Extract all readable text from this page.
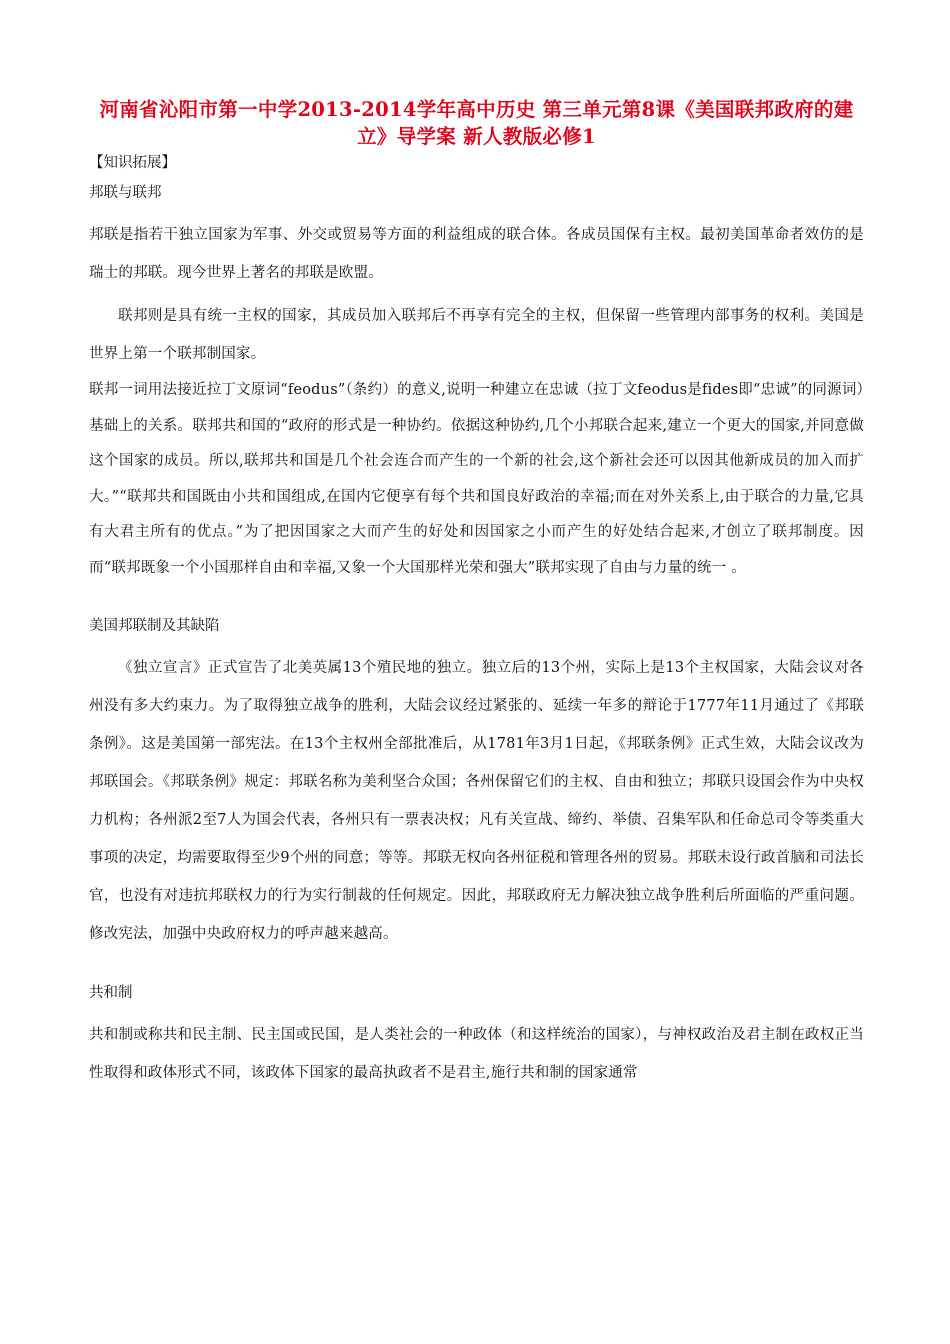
河南省沁阳市第一中学2013-2014学年高中历史 第三单元第8课《美国联邦政府的建立》导学案 新人教版必修1
【知识拓展】
邦联与联邦

邦联是指若干独立国家为军事、外交或贸易等方面的利益组成的联合体。各成员国保有主权。最初美国革命者效仿的是瑞士的邦联。现今世界上著名的邦联是欧盟。

联邦则是具有统一主权的国家，其成员加入联邦后不再享有完全的主权，但保留一些管理内部事务的权利。美国是世界上第一个联邦制国家。

联邦一词用法接近拉丁文原词“feodus”（条约）的意义,说明一种建立在忠诚（拉丁文feodus是fides即“忠诚”的同源词）基础上的关系。联邦共和国的“政府的形式是一种协约。依据这种协约,几个小邦联合起来,建立一个更大的国家,并同意做这个国家的成员。所以,联邦共和国是几个社会连合而产生的一个新的社会,这个新社会还可以因其他新成员的加入而扩大。”“联邦共和国既由小共和国组成,在国内它便享有每个共和国良好政治的幸福;而在对外关系上,由于联合的力量,它具有大君主所有的优点。”为了把因国家之大而产生的好处和因国家之小而产生的好处结合起来,才创立了联邦制度。因而“联邦既象一个小国那样自由和幸福,又象一个大国那样光荣和强大”联邦实现了自由与力量的统一 。

美国邦联制及其缺陷

《独立宣言》正式宣告了北美英属13个殖民地的独立。独立后的13个州，实际上是13个主权国家，大陆会议对各州没有多大约束力。为了取得独立战争的胜利，大陆会议经过紧张的、延续一年多的辩论于1777年11月通过了《邦联条例》。这是美国第一部宪法。在13个主权州全部批准后，从1781年3月1日起，《邦联条例》正式生效，大陆会议改为邦联国会。《邦联条例》规定：邦联名称为美利坚合众国；各州保留它们的主权、自由和独立；邦联只设国会作为中央权力机构；各州派2至7人为国会代表，各州只有一票表决权；凡有关宣战、缔约、举债、召集军队和任命总司令等类重大事项的决定，均需要取得至少9个州的同意；等等。邦联无权向各州征税和管理各州的贸易。邦联未设行政首脑和司法长官，也没有对违抗邦联权力的行为实行制裁的任何规定。因此，邦联政府无力解决独立战争胜利后所面临的严重问题。修改宪法，加强中央政府权力的呼声越来越高。

共和制

共和制或称共和民主制、民主国或民国，是人类社会的一种政体（和这样统治的国家），与神权政治及君主制在政权正当性取得和政体形式不同，该政体下国家的最高执政者不是君主,施行共和制的国家通常
